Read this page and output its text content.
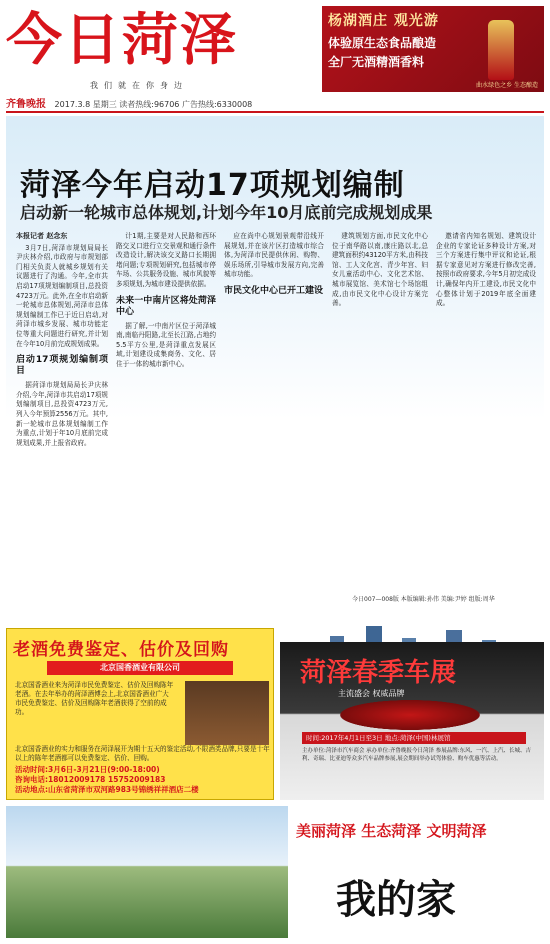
今日菏泽
我们就在你身边
杨湖酒庄 观光游
体验原生态食品酿造
全厂无酒精酒香料
曲水绿色之乡 生态酿造
齐鲁晚报 2017.3.8 星期三 读者热线:96706 广告热线:6330008
菏泽今年启动17项规划编制
启动新一轮城市总体规划,计划今年10月底前完成规划成果
本报记者 赵念东

3月7日,菏泽市规划局局长尹庆林介绍,市政府与市规划部门相关负责人就城乡规划有关议题进行了沟通。今年,全市共启动17项规划编制项目,总投资4723万元。此外,在全市启动新一轮城市总体规划,菏泽市总体规划编制工作已于近日启动,对菏泽市城乡发展、城市功能定位等重大问题进行研究,并计划在今年10月前完成规划成果。

启动17项规划编制项目

据菏泽市规划局局长尹庆林介绍,今年,菏泽市共启动17项规划编制项目,总投资4723万元,列入今年预算2556万元。其中,新一轮城市总体规划编制工作为重点,计划于年10月底前完成规划成果,并上报省政府。

计1期,主要是对人民路和西环路交叉口进行立交景观和通行条件改造设计,解决该交叉路口长期拥堵问题;专项规划研究,包括城市停车场、公共服务设施、城市风貌等多项规划,为城市建设提供依据。

未来一中南片区将处菏泽中心

据了解,一中南片区位于菏泽城南,南临丹阳路,北至长江路,占地约5.5平方公里,是菏泽重点发展区域,计划建设成集商务、文化、居住于一体的城市新中心。

应在尚中心规划景观带沿线开展规划,并在该片区打造城市综合体,为菏泽市民提供休闲、购物、娱乐场所,引导城市发展方向,完善城市功能。

市民文化中心已开工建设

建筑规划方面,市民文化中心位于南华路以南,康庄路以北,总建筑面积约43120平方米,由科技馆、工人文化宫、青少年宫、妇女儿童活动中心、文化艺术馆、城市展览馆、美术馆七个场馆组成,由市民文化中心设计方案完善。

邀请省内知名规划、建筑设计企业的专家论证多种设计方案,对三个方案进行集中评议和论证,根据专家意见对方案进行修改完善,按照市政府要求,今年5月初完成设计,确保年内开工建设,市民文化中心整体计划于2019年底全面建成。

今日007—008版 本版编辑:孙伟 美编:尹婷 组版:周华
老酒免费鉴定、估价及回购
北京国香酒业有限公司
北京国香酒业来为菏泽市民免费鉴定、估价及回购陈年老酒。在去年举办的菏泽酒博会上,北京国香酒业广大市民免费鉴定、估价及回购陈年老酒获得了空前的成功。
北京国香酒业的实力和服务在菏泽展开为期十五天的鉴定活动,不限酒类品牌,只要是十年以上的陈年老酒都可以免费鉴定、估价、回购。
活动时间:3月6日-3月21日(9:00-18:00)
咨询电话:18012009178 15752009183
活动地点:山东省菏泽市双河路983号锦绣祥祥酒店二楼
菏泽春季车展
主流盛会 权威品牌
时间:2017年4月1日至3日 地点:菏泽(中国)林展馆
主办单位:菏泽市汽车商会 承办单位:齐鲁晚报今日菏泽 参展品牌:东风、一汽、上汽、长城、吉利、奇瑞、比亚迪等众多汽车品牌参展,展会期间举办试驾体验、购车优惠等活动。
美丽菏泽 生态菏泽 文明菏泽
我的家
